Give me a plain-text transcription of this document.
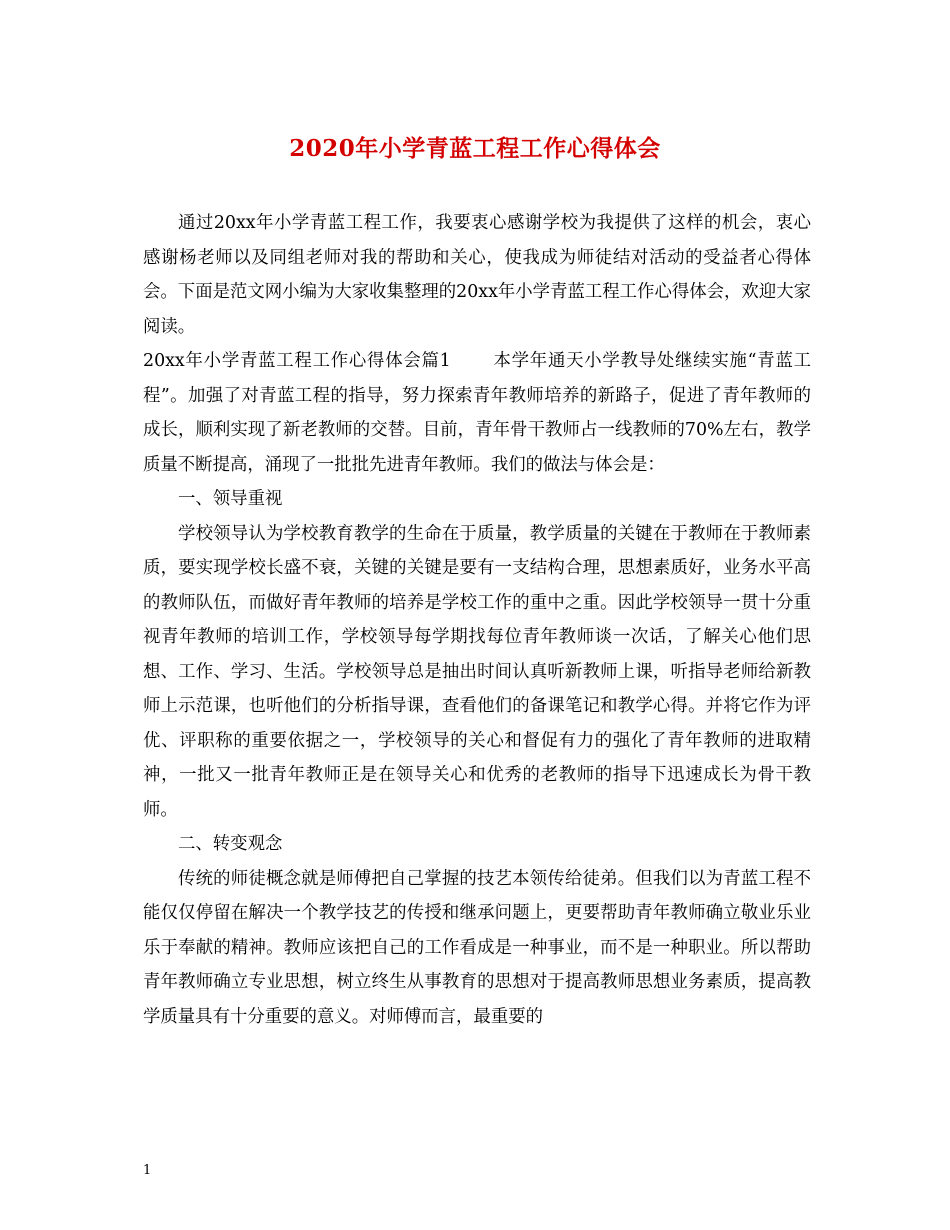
2020年小学青蓝工程工作心得体会

通过20xx年小学青蓝工程工作，我要衷心感谢学校为我提供了这样的机会，衷心感谢杨老师以及同组老师对我的帮助和关心，使我成为师徒结对活动的受益者心得体会。下面是范文网小编为大家收集整理的20xx年小学青蓝工程工作心得体会，欢迎大家阅读。

20xx年小学青蓝工程工作心得体会篇1 本学年通天小学教导处继续实施“青蓝工程”。加强了对青蓝工程的指导，努力探索青年教师培养的新路子，促进了青年教师的成长，顺利实现了新老教师的交替。目前，青年骨干教师占一线教师的70%左右，教学质量不断提高，涌现了一批批先进青年教师。我们的做法与体会是：

一、领导重视

学校领导认为学校教育教学的生命在于质量，教学质量的关键在于教师在于教师素质，要实现学校长盛不衰，关键的关键是要有一支结构合理，思想素质好，业务水平高的教师队伍，而做好青年教师的培养是学校工作的重中之重。因此学校领导一贯十分重视青年教师的培训工作，学校领导每学期找每位青年教师谈一次话，了解关心他们思想、工作、学习、生活。学校领导总是抽出时间认真听新教师上课，听指导老师给新教师上示范课，也听他们的分析指导课，查看他们的备课笔记和教学心得。并将它作为评优、评职称的重要依据之一，学校领导的关心和督促有力的强化了青年教师的进取精神，一批又一批青年教师正是在领导关心和优秀的老教师的指导下迅速成长为骨干教师。

二、转变观念

传统的师徒概念就是师傅把自己掌握的技艺本领传给徒弟。但我们以为青蓝工程不能仅仅停留在解决一个教学技艺的传授和继承问题上，更要帮助青年教师确立敬业乐业乐于奉献的精神。教师应该把自己的工作看成是一种事业，而不是一种职业。所以帮助青年教师确立专业思想，树立终生从事教育的思想对于提高教师思想业务素质，提高教学质量具有十分重要的意义。对师傅而言，最重要的

1
